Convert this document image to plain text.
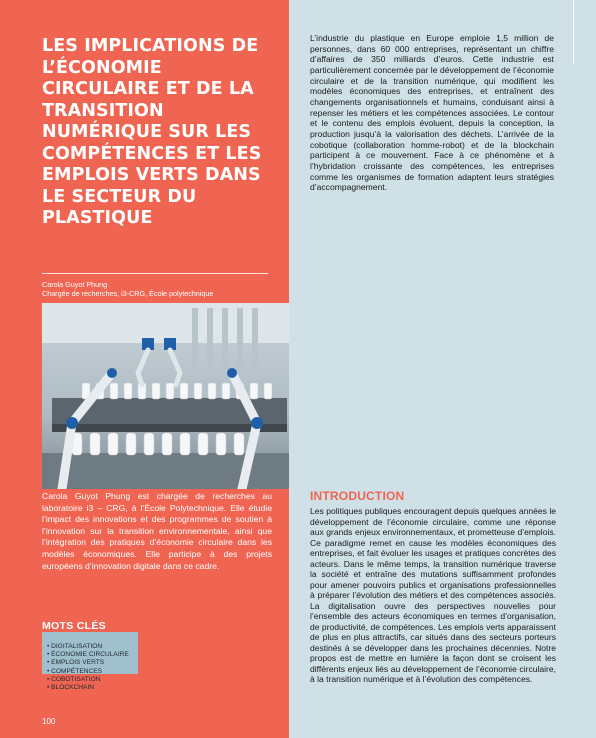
LES IMPLICATIONS DE L’ÉCONOMIE CIRCULAIRE ET DE LA TRANSITION NUMÉRIQUE SUR LES COMPÉTENCES ET LES EMPLOIS VERTS DANS LE SECTEUR DU PLASTIQUE
Carola Guyot Phung
Chargée de recherches, i3-CRG, École polytechnique

Carola Guyot Phung est chargée de recherches au laboratoire i3 – CRG, à l’École Polytechnique. Elle étudie l’impact des innovations et des programmes de soutien à l’innovation sur la transition environnementale, ainsi que l’intégration des pratiques d’économie circulaire dans les modèles économiques. Elle participe à des projets européens d’innovation digitale dans ce cadre.

MOTS CLÉS
• DIGITALISATION
• ÉCONOMIE CIRCULAIRE
• EMPLOIS VERTS
• COMPÉTENCES
• COBOTISATION
• BLOCKCHAIN
100

L’industrie du plastique en Europe emploie 1,5 million de personnes, dans 60 000 entreprises, représentant un chiffre d’affaires de 350 milliards d’euros. Cette industrie est particulièrement concernée par le développement de l’économie circulaire et de la transition numérique, qui modifient les modèles économiques des entreprises, et entraînent des changements organisationnels et humains, conduisant ainsi à repenser les métiers et les compétences associées. Le contour et le contenu des emplois évoluent, depuis la conception, la production jusqu’à la valorisation des déchets. L’arrivée de la cobotique (collaboration homme-robot) et de la blockchain participent à ce mouvement. Face à ce phénomène et à l’hybridation croissante des compétences, les entreprises comme les organismes de formation adaptent leurs stratégies d’accompagnement.

INTRODUCTION

Les politiques publiques encouragent depuis quelques années le développement de l’économie circulaire, comme une réponse aux grands enjeux environnementaux, et prometteuse d’emplois. Ce paradigme remet en cause les modèles économiques des entreprises, et fait évoluer les usages et pratiques concrètes des acteurs. Dans le même temps, la transition numérique traverse la société et entraîne des mutations suffisamment profondes pour amener pouvoirs publics et organisations professionnelles à préparer l’évolution des métiers et des compétences associés. La digitalisation ouvre des perspectives nouvelles pour l’ensemble des acteurs économiques en termes d’organisation, de productivité, de compétences. Les emplois verts apparaissent de plus en plus attractifs, car situés dans des secteurs porteurs destinés à se développer dans les prochaines décennies. Notre propos est de mettre en lumière la façon dont se croisent les différents enjeux liés au développement de l’économie circulaire, à la transition numérique et à l’évolution des compétences.
